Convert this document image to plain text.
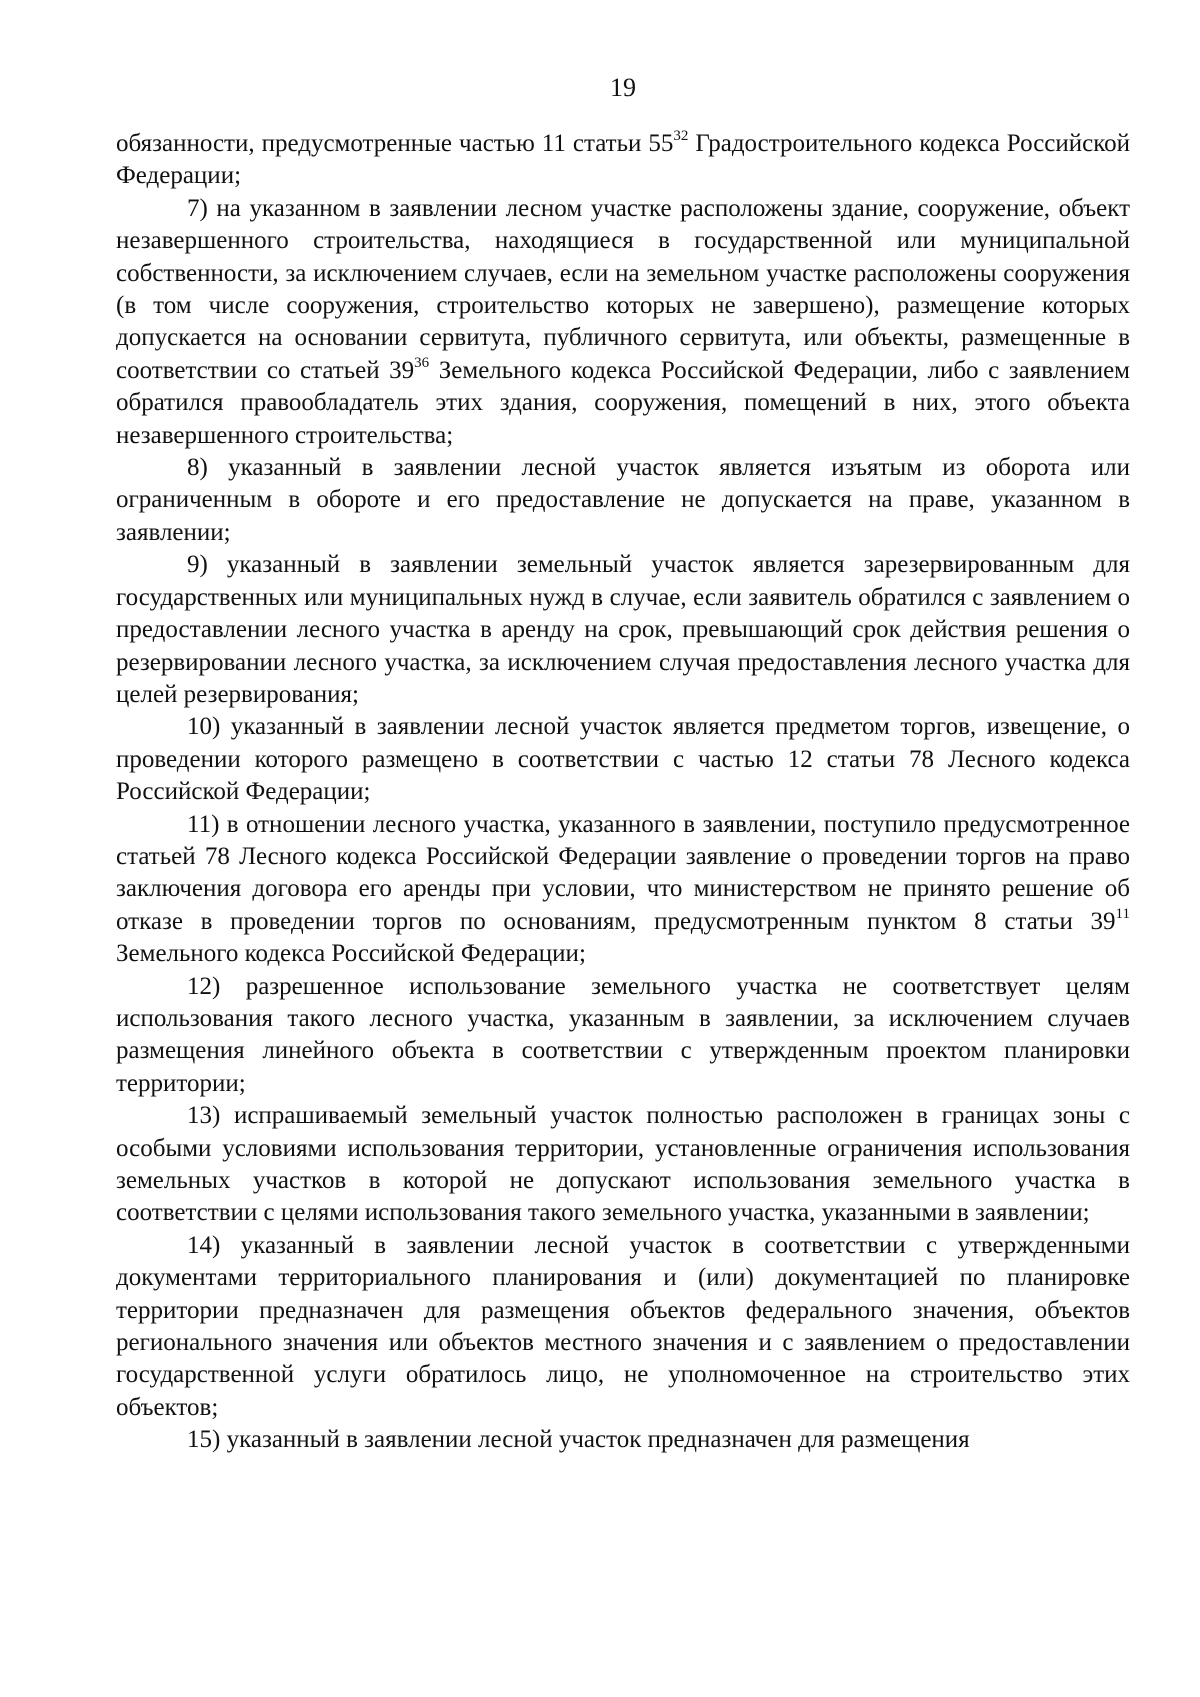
19

обязанности, предусмотренные частью 11 статьи $55^{32}$ Градостроительного кодекса Российской Федерации;

7) на указанном в заявлении лесном участке расположены здание, сооружение, объект незавершенного строительства, находящиеся в государственной или муниципальной собственности, за исключением случаев, если на земельном участке расположены сооружения (в том числе сооружения, строительство которых не завершено), размещение которых допускается на основании сервитута, публичного сервитута, или объекты, размещенные в соответствии со статьей $39^{36}$ Земельного кодекса Российской Федерации, либо с заявлением обратился правообладатель этих здания, сооружения, помещений в них, этого объекта незавершенного строительства;

8) указанный в заявлении лесной участок является изъятым из оборота или ограниченным в обороте и его предоставление не допускается на праве, указанном в заявлении;

9) указанный в заявлении земельный участок является зарезервированным для государственных или муниципальных нужд в случае, если заявитель обратился с заявлением о предоставлении лесного участка в аренду на срок, превышающий срок действия решения о резервировании лесного участка, за исключением случая предоставления лесного участка для целей резервирования;

10) указанный в заявлении лесной участок является предметом торгов, извещение, о проведении которого размещено в соответствии с частью 12 статьи 78 Лесного кодекса Российской Федерации;

11) в отношении лесного участка, указанного в заявлении, поступило предусмотренное статьей 78 Лесного кодекса Российской Федерации заявление о проведении торгов на право заключения договора его аренды при условии, что министерством не принято решение об отказе в проведении торгов по основаниям, предусмотренным пунктом 8 статьи $39^{11}$ Земельного кодекса Российской Федерации;

12) разрешенное использование земельного участка не соответствует целям использования такого лесного участка, указанным в заявлении, за исключением случаев размещения линейного объекта в соответствии с утвержденным проектом планировки территории;

13) испрашиваемый земельный участок полностью расположен в границах зоны с особыми условиями использования территории, установленные ограничения использования земельных участков в которой не допускают использования земельного участка в соответствии с целями использования такого земельного участка, указанными в заявлении;

14) указанный в заявлении лесной участок в соответствии с утвержденными документами территориального планирования и (или) документацией по планировке территории предназначен для размещения объектов федерального значения, объектов регионального значения или объектов местного значения и с заявлением о предоставлении государственной услуги обратилось лицо, не уполномоченное на строительство этих объектов;

15) указанный в заявлении лесной участок предназначен для размещения
